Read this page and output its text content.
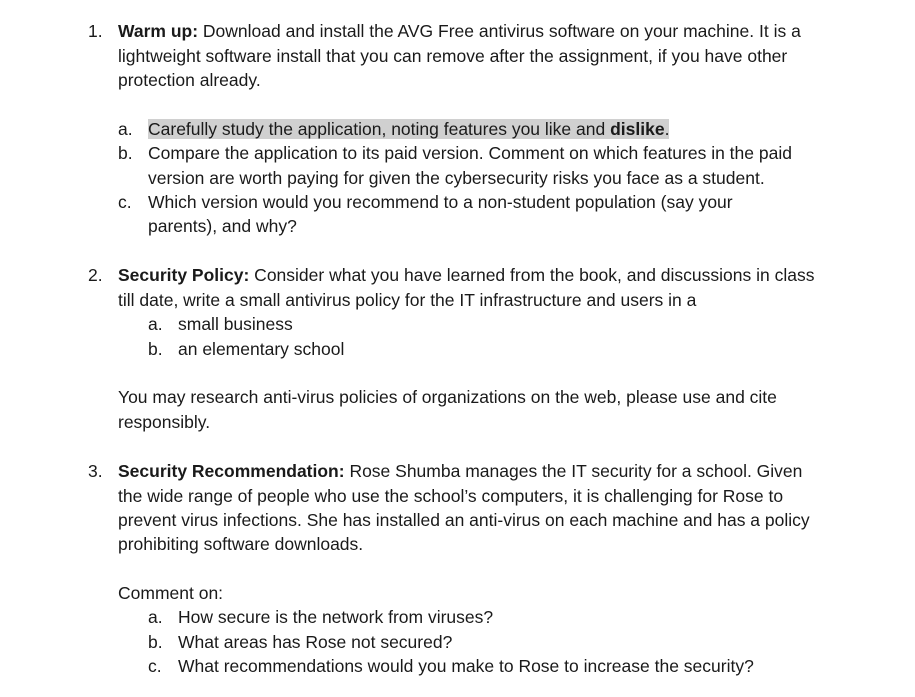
1. Warm up: Download and install the AVG Free antivirus software on your machine. It is a
lightweight software install that you can remove after the assignment, if you have other
protection already.
a. Carefully study the application, noting features you like and dislike.
b. Compare the application to its paid version. Comment on which features in the paid
version are worth paying for given the cybersecurity risks you face as a student.
c. Which version would you recommend to a non-student population (say your
parents), and why?
2. Security Policy: Consider what you have learned from the book, and discussions in class
till date, write a small antivirus policy for the IT infrastructure and users in a
a. small business
b. an elementary school
You may research anti-virus policies of organizations on the web, please use and cite
responsibly.
3. Security Recommendation: Rose Shumba manages the IT security for a school. Given
the wide range of people who use the school’s computers, it is challenging for Rose to
prevent virus infections. She has installed an anti-virus on each machine and has a policy
prohibiting software downloads.
Comment on:
a. How secure is the network from viruses?
b. What areas has Rose not secured?
c. What recommendations would you make to Rose to increase the security?
